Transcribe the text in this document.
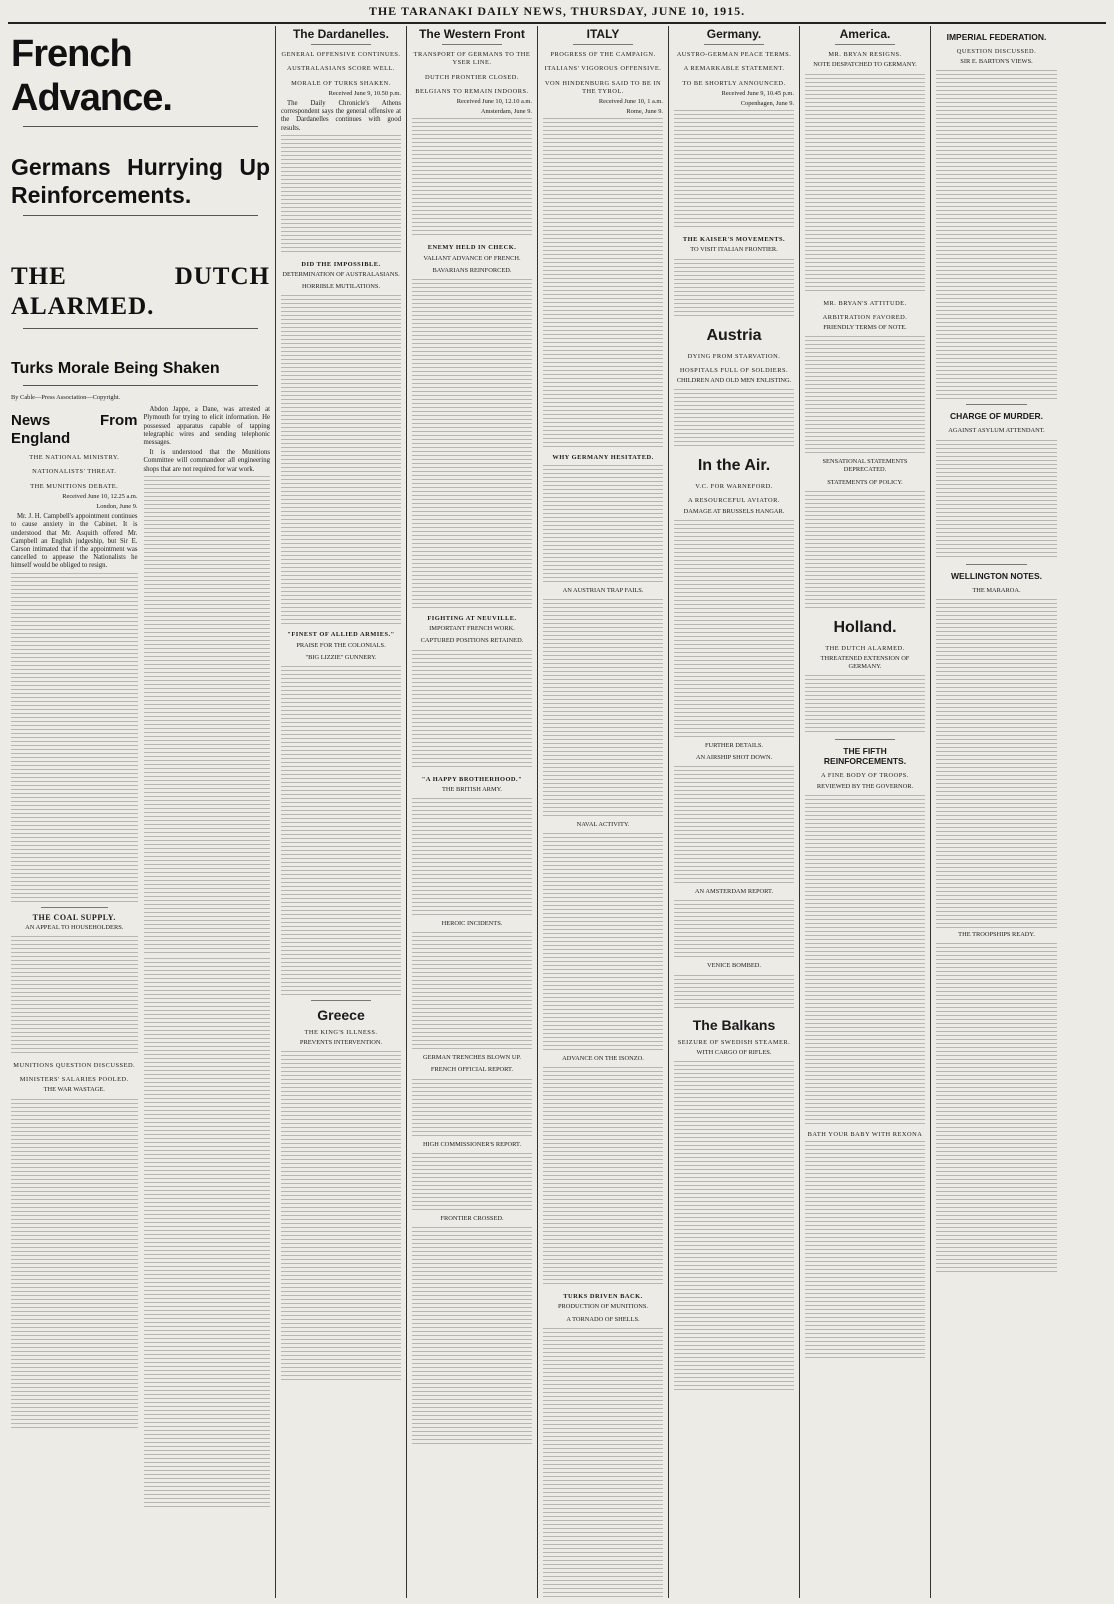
THE TARANAKI DAILY NEWS, THURSDAY, JUNE 10, 1915.
French Advance.
Germans Hurrying Up Reinforcements.
THE DUTCH ALARMED.
Turks Morale Being Shaken
By Cable—Press Association—Copyright.
News From England
THE NATIONAL MINISTRY.
NATIONALISTS' THREAT.
THE MUNITIONS DEBATE.
Received June 10, 12.25 a.m.
London, June 9.

Mr. J. H. Campbell's appointment continues to cause anxiety in the Cabinet. It is understood that Mr. Asquith offered Mr. Campbell an English judgeship, but Sir E. Carson intimated that if the appointment was cancelled to appease the Nationalists he himself would be obliged to resign.

THE COAL SUPPLY.
AN APPEAL TO HOUSEHOLDERS.
MUNITIONS QUESTION DISCUSSED.
MINISTERS' SALARIES POOLED.
THE WAR WASTAGE.

Abdon Jappe, a Dane, was arrested at Plymouth for trying to elicit information. He possessed apparatus capable of tapping telegraphic wires and sending telephonic messages.

It is understood that the Munitions Committee will commandeer all engineering shops that are not required for war work.

The Dardanelles.
GENERAL OFFENSIVE CONTINUES.
AUSTRALASIANS SCORE WELL.
MORALE OF TURKS SHAKEN.
Received June 9, 10.50 p.m.

The Daily Chronicle's Athens correspondent says the general offensive at the Dardanelles continues with good results.

DID THE IMPOSSIBLE.
DETERMINATION OF AUSTRALASIANS.
HORRIBLE MUTILATIONS.
"FINEST OF ALLIED ARMIES."
PRAISE FOR THE COLONIALS.
"BIG LIZZIE" GUNNERY.
Greece
THE KING'S ILLNESS.
PREVENTS INTERVENTION.
The Western Front
TRANSPORT OF GERMANS TO THE YSER LINE.
DUTCH FRONTIER CLOSED.
BELGIANS TO REMAIN INDOORS.
Received June 10, 12.10 a.m.
Amsterdam, June 9.
ENEMY HELD IN CHECK.
VALIANT ADVANCE OF FRENCH.
BAVARIANS REINFORCED.
FIGHTING AT NEUVILLE.
IMPORTANT FRENCH WORK.
CAPTURED POSITIONS RETAINED.
"A HAPPY BROTHERHOOD."
THE BRITISH ARMY.
HEROIC INCIDENTS.
GERMAN TRENCHES BLOWN UP.
FRENCH OFFICIAL REPORT.
HIGH COMMISSIONER'S REPORT.
FRONTIER CROSSED.
ITALY
PROGRESS OF THE CAMPAIGN.
ITALIANS' VIGOROUS OFFENSIVE.
VON HINDENBURG SAID TO BE IN THE TYROL.
Received June 10, 1 a.m.
Rome, June 9.
WHY GERMANY HESITATED.
AN AUSTRIAN TRAP FAILS.
NAVAL ACTIVITY.
ADVANCE ON THE ISONZO.
TURKS DRIVEN BACK.
PRODUCTION OF MUNITIONS.
A TORNADO OF SHELLS.
Germany.
AUSTRO-GERMAN PEACE TERMS.
A REMARKABLE STATEMENT.
TO BE SHORTLY ANNOUNCED.
Received June 9, 10.45 p.m.
Copenhagen, June 9.
THE KAISER'S MOVEMENTS.
TO VISIT ITALIAN FRONTIER.
Austria
DYING FROM STARVATION.
HOSPITALS FULL OF SOLDIERS.
CHILDREN AND OLD MEN ENLISTING.
In the Air.
V.C. FOR WARNEFORD.
A RESOURCEFUL AVIATOR.
DAMAGE AT BRUSSELS HANGAR.
FURTHER DETAILS.
AN AIRSHIP SHOT DOWN.
AN AMSTERDAM REPORT.
VENICE BOMBED.
The Balkans
SEIZURE OF SWEDISH STEAMER.
WITH CARGO OF RIFLES.
America.
MR. BRYAN RESIGNS.
NOTE DESPATCHED TO GERMANY.
MR. BRYAN'S ATTITUDE.
ARBITRATION FAVORED.
FRIENDLY TERMS OF NOTE.
SENSATIONAL STATEMENTS DEPRECATED.
STATEMENTS OF POLICY.
Holland.
THE DUTCH ALARMED.
THREATENED EXTENSION OF GERMANY.
THE FIFTH REINFORCEMENTS.
A FINE BODY OF TROOPS.
REVIEWED BY THE GOVERNOR.
BATH YOUR BABY WITH REXONA
IMPERIAL FEDERATION.
QUESTION DISCUSSED.
SIR E. BARTON'S VIEWS.
CHARGE OF MURDER.
AGAINST ASYLUM ATTENDANT.
WELLINGTON NOTES.
THE MARAROA.
THE TROOPSHIPS READY.
